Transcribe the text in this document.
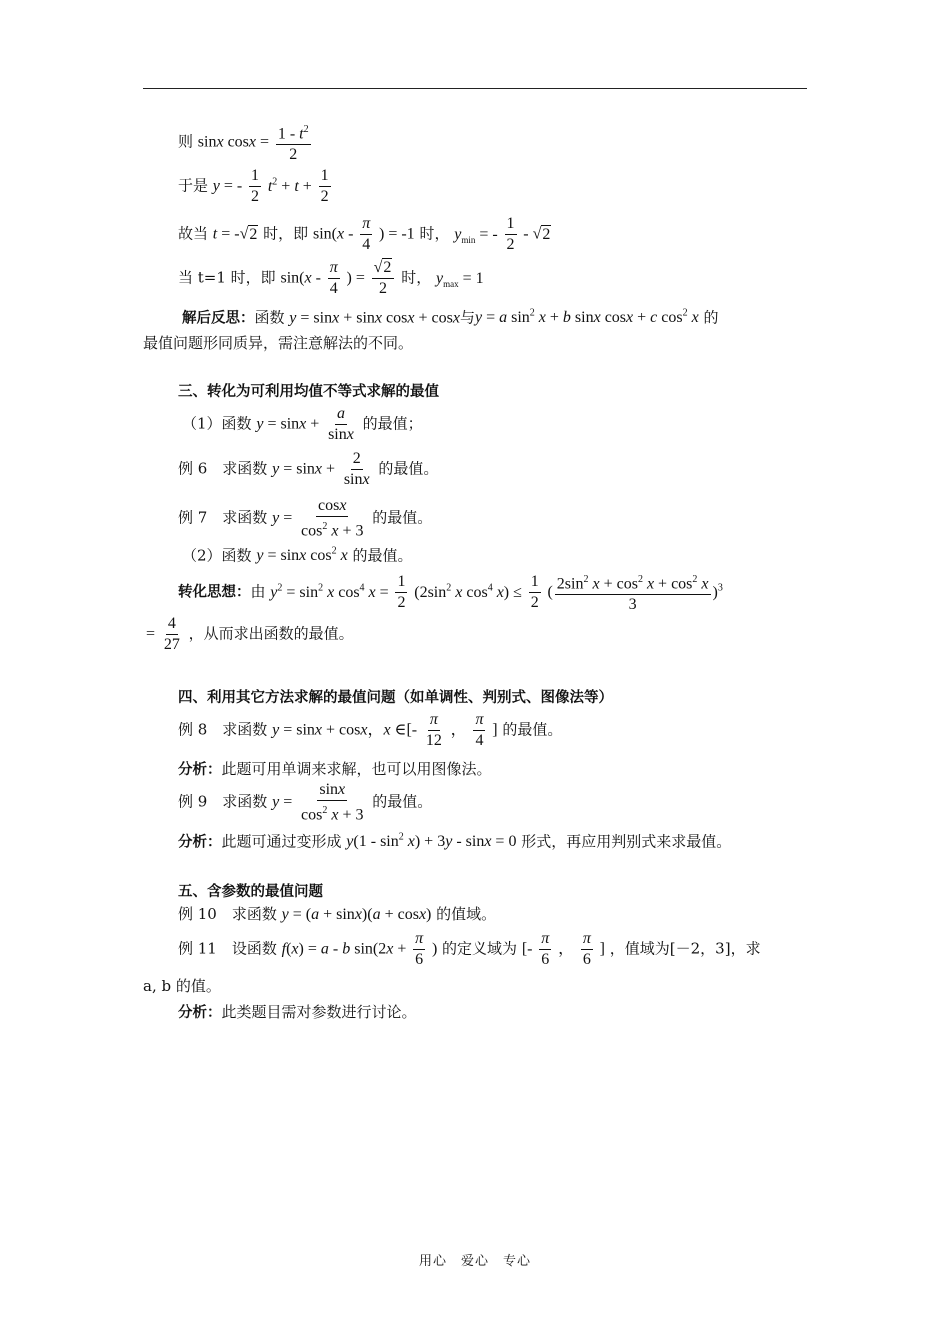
则 sinx $\cos x = \frac{1 - t^2}{2}$
于是 y = - $\frac{1}{2} t^2 + t + \frac{1}{2}$
故当 t = -√2 时，即 $\sin(x - \frac{\pi}{4}$ ) = -1 时， $y_{min}$ = - $\frac{1}{2} - √2$
当 t=1 时，即 $\sin(x - \frac{\pi}{4}$ ) = $\frac{√2}{2}$ 时， $y_{max} = 1$
解后反思：函数 y = sinx + sinx cosx + cosx与y = a $\sin^2 x + b$ sinx cosx + c $\cos^2 x$ 的
最值问题形同质异，需注意解法的不同。
三、转化为可利用均值不等式求解的最值
（1）函数 $y = \sin x + \frac{a}{\sin x}$ 的最值；
例 6　求函数 $y = \sin x + \frac{2}{\sin x}$ 的最值。
例 7　求函数 $y = \frac{\cos x}{\cos^2 x + 3}$ 的最值。
（2）函数 y = sinx $\cos^2 x$ 的最值。
转化思想：由 $y^2 = \sin^2 x$ $\cos^4 x = \frac{1}{2} (2\sin^2$ x $\cos^4 x) \le \frac{1}{2}$ ( $\frac{2\sin^2 x + \cos^2 x + \cos^2 x}{3} )^3$
= $\frac{4}{27}$ ，从而求出函数的最值。
四、利用其它方法求解的最值问题（如单调性、判别式、图像法等）
例 8　求函数 y = sinx + cosx，x ∈[- $\frac{\pi}{12}$ ， $\frac{\pi}{4}$ ] 的最值。
分析：此题可用单调来求解，也可以用图像法。
例 9　求函数 $y = \frac{\sin x}{\cos^2 x + 3}$ 的最值。
分析：此题可通过变形成 $y(1 - \sin^2 x) + 3y - \sin x = 0$ 形式，再应用判别式来求最值。
五、含参数的最值问题
例 10　求函数 y = (a + sinx)(a + cosx) 的值域。
例 11　设函数 f(x) = a - b $\sin(2x + \frac{\pi}{6}$ ) 的定义域为 [- $\frac{\pi}{6}$ ， $\frac{\pi}{6}$ ] ，值域为[－2，3]，求
a, b 的值。
分析：此类题目需对参数进行讨论。
用心　爱心　专心
